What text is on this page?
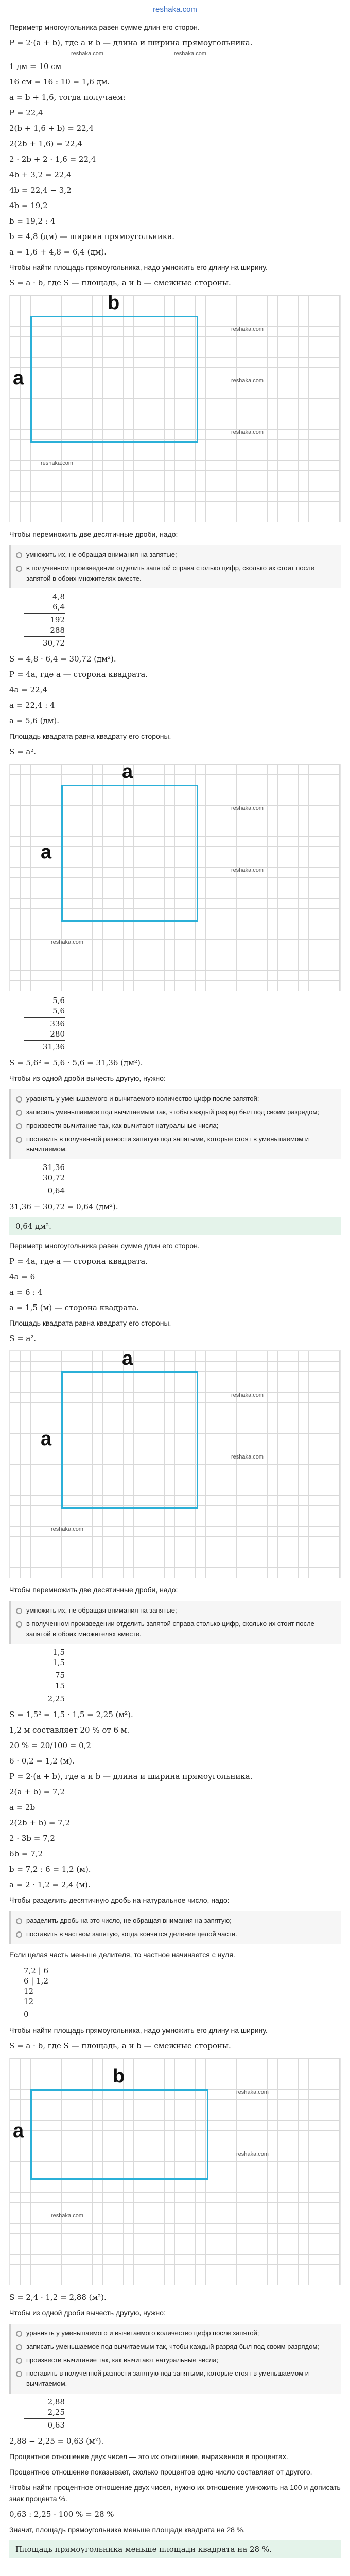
reshaka.com

Периметр многоугольника равен сумме длин его сторон.

P = 2·(a + b), где a и b — длина и ширина прямоугольника.

reshaka.com	reshaka.com

1 дм = 10 см

16 см = 16 : 10 = 1,6 дм.

a = b + 1,6, тогда получаем:

P = 22,4

2(b + 1,6 + b) = 22,4

2(2b + 1,6) = 22,4

2 · 2b + 2 · 1,6 = 22,4

4b + 3,2 = 22,4

4b = 22,4 − 3,2

4b = 19,2

b = 19,2 : 4

b = 4,8 (дм) — ширина прямоугольника.

a = 1,6 + 4,8 = 6,4 (дм).

Чтобы найти площадь прямоугольника, надо умножить его длину на ширину.

S = a · b, где S — площадь, a и b — смежные стороны.

b
a
reshaka.com
reshaka.com
reshaka.com
reshaka.com

Чтобы перемножить две десятичные дроби, надо:

умножить их, не обращая внимания на запятые;
в полученном произведении отделить запятой справа столько цифр, сколько их стоит после запятой в обоих множителях вместе.
4,8
6,4
192
288
30,72

S = 4,8 · 6,4 = 30,72 (дм²).

P = 4a, где a — сторона квадрата.

4a = 22,4

a = 22,4 : 4

a = 5,6 (дм).

Площадь квадрата равна квадрату его стороны.

S = a².

a
a
reshaka.com
reshaka.com
reshaka.com
5,6
5,6
336
280
31,36

S = 5,6² = 5,6 · 5,6 = 31,36 (дм²).

Чтобы из одной дроби вычесть другую, нужно:

уравнять у уменьшаемого и вычитаемого количество цифр после запятой;
записать уменьшаемое под вычитаемым так, чтобы каждый разряд был под своим разрядом;
произвести вычитание так, как вычитают натуральные числа;
поставить в полученной разности запятую под запятыми, которые стоят в уменьшаемом и вычитаемом.
31,36
30,72
0,64

31,36 − 30,72 = 0,64 (дм²).

0,64 дм².

Периметр многоугольника равен сумме длин его сторон.

P = 4a, где a — сторона квадрата.

4a = 6

a = 6 : 4

a = 1,5 (м) — сторона квадрата.

Площадь квадрата равна квадрату его стороны.

S = a².

a
a
reshaka.com
reshaka.com
reshaka.com

Чтобы перемножить две десятичные дроби, надо:

умножить их, не обращая внимания на запятые;
в полученном произведении отделить запятой справа столько цифр, сколько их стоит после запятой в обоих множителях вместе.
1,5
1,5
75
15
2,25

S = 1,5² = 1,5 · 1,5 = 2,25 (м²).

1,2 м составляет 20 % от 6 м.

20 % = 20/100 = 0,2

6 · 0,2 = 1,2 (м).

P = 2·(a + b), где a и b — длина и ширина прямоугольника.

2(a + b) = 7,2

a = 2b

2(2b + b) = 7,2

2 · 3b = 7,2

6b = 7,2

b = 7,2 : 6 = 1,2 (м).

a = 2 · 1,2 = 2,4 (м).

Чтобы разделить десятичную дробь на натуральное число, надо:

разделить дробь на это число, не обращая внимания на запятую;
поставить в частном запятую, когда кончится деление целой части.

Если целая часть меньше делителя, то частное начинается с нуля.

7,2 | 6
6 | 1,2
12
12
0

Чтобы найти площадь прямоугольника, надо умножить его длину на ширину.

S = a · b, где S — площадь, a и b — смежные стороны.

b
a
reshaka.com
reshaka.com
reshaka.com

S = 2,4 · 1,2 = 2,88 (м²).

Чтобы из одной дроби вычесть другую, нужно:

уравнять у уменьшаемого и вычитаемого количество цифр после запятой;
записать уменьшаемое под вычитаемым так, чтобы каждый разряд был под своим разрядом;
произвести вычитание так, как вычитают натуральные числа;
поставить в полученной разности запятую под запятыми, которые стоят в уменьшаемом и вычитаемом.
2,88
2,25
0,63

2,88 − 2,25 = 0,63 (м²).

Процентное отношение двух чисел — это их отношение, выраженное в процентах.

Процентное отношение показывает, сколько процентов одно число составляет от другого.

Чтобы найти процентное отношение двух чисел, нужно их отношение умножить на 100 и дописать знак процента %.

0,63 : 2,25 · 100 % = 28 %

Значит, площадь прямоугольника меньше площади квадрата на 28 %.

Площадь прямоугольника меньше площади квадрата на 28 %.
